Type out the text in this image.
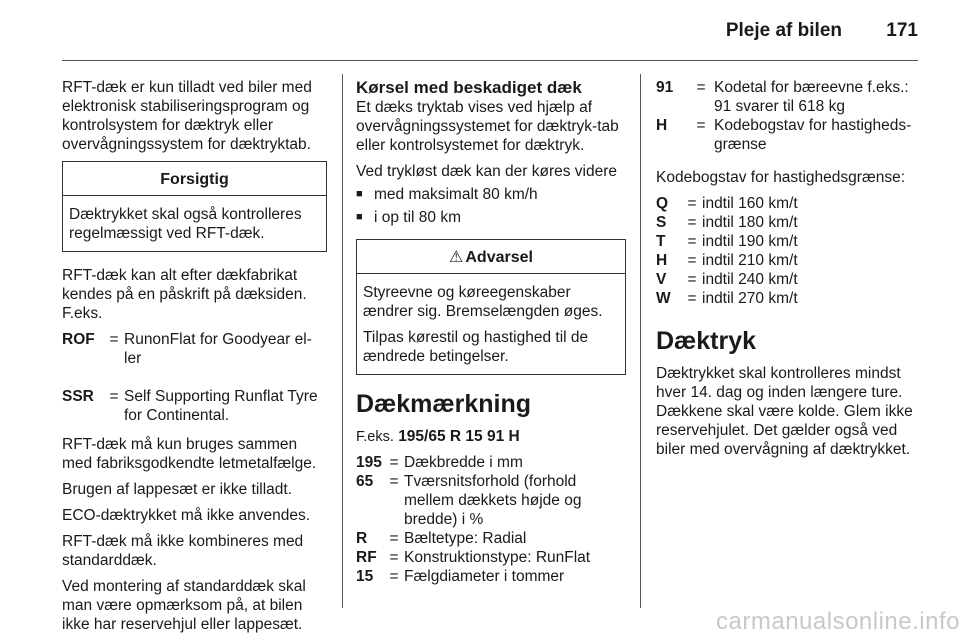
Pleje af bilen 171

RFT-dæk er kun tilladt ved biler med elektronisk stabiliseringsprogram og kontrolsystem for dæktryk eller overvågningssystem for dæktryktab.

Forsigtig

Dæktrykket skal også kontrolleres regelmæssigt ved RFT-dæk.

RFT-dæk kan alt efter dækfabrikat kendes på en påskrift på dæksiden. F.eks.

ROF = RunonFlat for Goodyear el-ler
SSR	= Self Supporting Runflat Tyre for Continental.

RFT-dæk må kun bruges sammen med fabriksgodkendte letmetalfælge.

Brugen af lappesæt er ikke tilladt.

ECO-dæktrykket må ikke anvendes.

RFT-dæk må ikke kombineres med standarddæk.

Ved montering af standarddæk skal man være opmærksom på, at bilen ikke har reservehjul eller lappesæt.

Kørsel med beskadiget dæk

Et dæks tryktab vises ved hjælp af overvågningssystemet for dæktryk-tab eller kontrolsystemet for dæktryk.

Ved trykløst dæk kan der køres videre

■ med maksimalt 80 km/h
■ i op til 80 km
⚠ Advarsel

Styreevne og køreegenskaber ændrer sig. Bremselængden øges.

Tilpas kørestil og hastighed til de ændrede betingelser.

Dækmærkning

F.eks. 195/65 R 15 91 H

195 = Dækbredde i mm
65	= Tværsnitsforhold (forhold mellem dækkets højde og bredde) i %
R	= Bæltetype: Radial
RF = Konstruktionstype: RunFlat
15	= Fælgdiameter i tommer
91	= Kodetal for bæreevne f.eks.: 91 svarer til 618 kg
H	= Kodebogstav for hastigheds-grænse

Kodebogstav for hastighedsgrænse:

Q	= indtil 160 km/t
S	= indtil 180 km/t
T	= indtil 190 km/t
H	= indtil 210 km/t
V	= indtil 240 km/t
W	= indtil 270 km/t
Dæktryk

Dæktrykket skal kontrolleres mindst hver 14. dag og inden længere ture. Dækkene skal være kolde. Glem ikke reservehjulet. Det gælder også ved biler med overvågning af dæktrykket.

carmanualsonline.info
